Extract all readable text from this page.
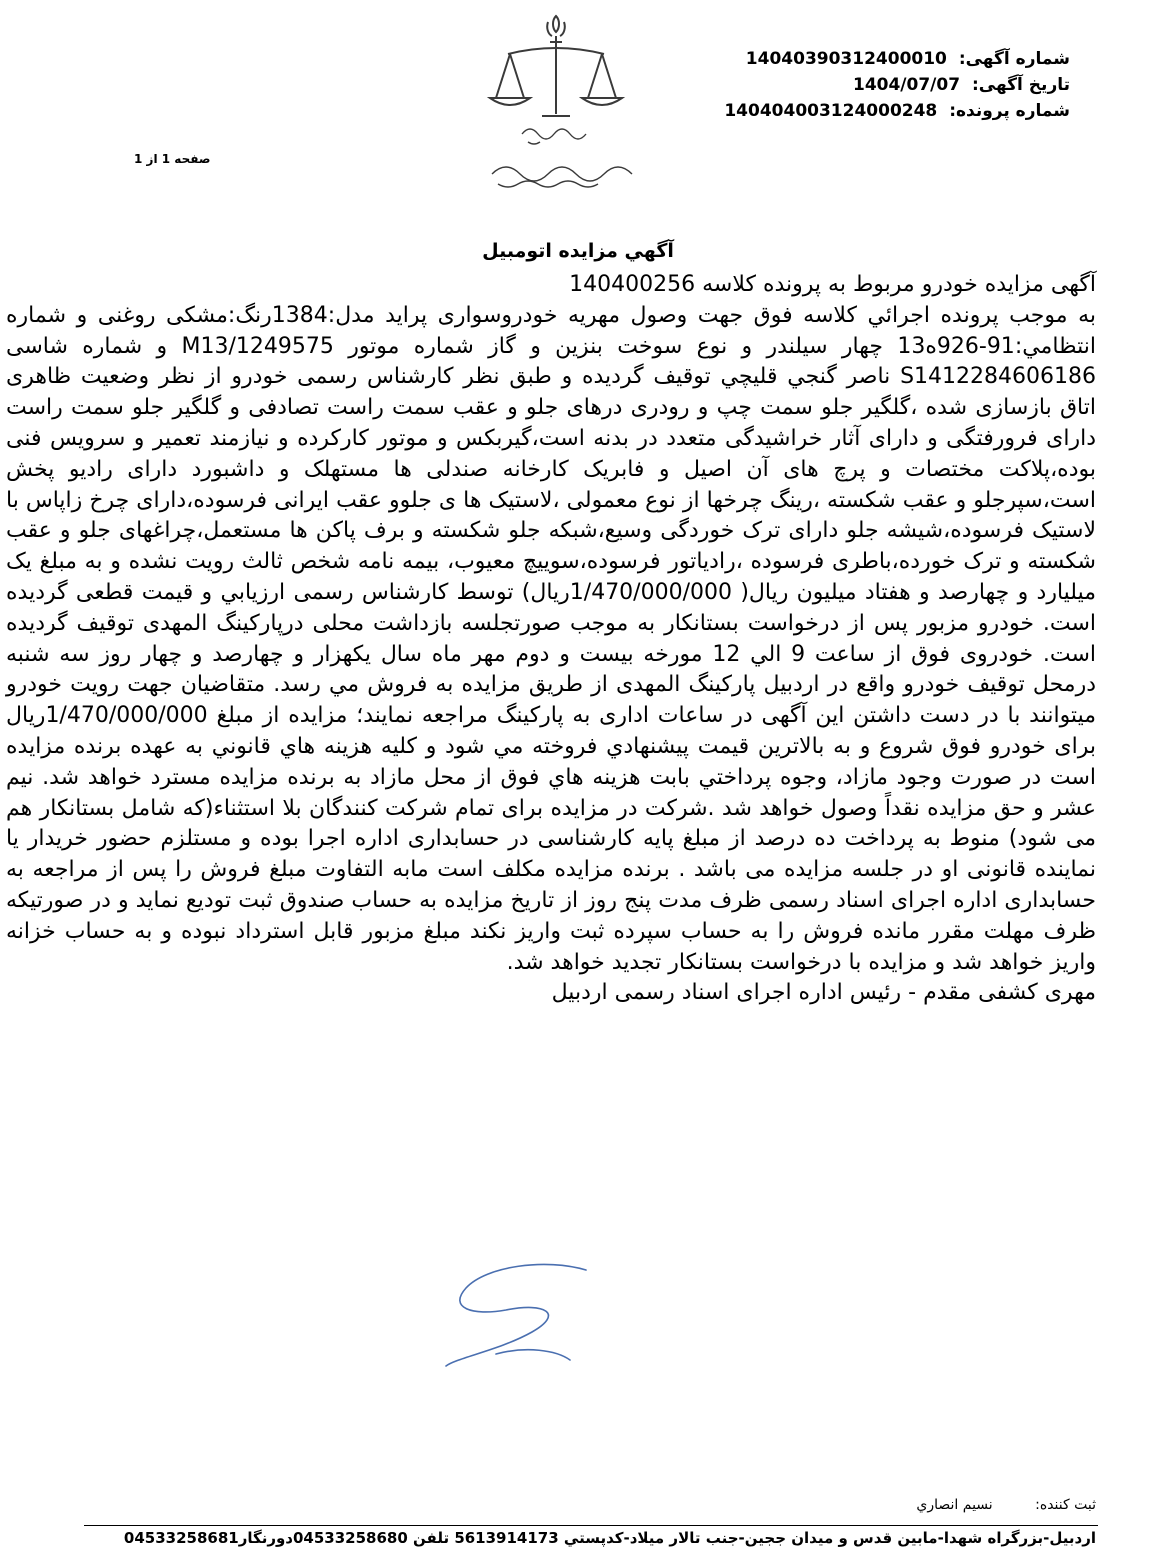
شماره آگهی: 14040390312400010
تاریخ آگهی: 1404/07/07
شماره پرونده: 140404003124000248
صفحه 1 از 1
آگهي مزايده اتومبيل

آگهی مزایده خودرو مربوط به پرونده کلاسه 140400256

به موجب پرونده اجرائي كلاسه فوق جهت وصول مهريه خودروسواری پراید مدل:1384رنگ:مشکی روغنی و شماره انتظامي:91-926ه13 چهار سیلندر و نوع سوخت بنزین و گاز شماره موتور M13/1249575 و شماره شاسی S1412284606186 ناصر گنجي قليچي توقيف گرديده و طبق نظر کارشناس رسمی خودرو از نظر وضعیت ظاهری اتاق بازسازی شده ،گلگیر جلو سمت چپ و رودری درهای جلو و عقب سمت راست تصادفی و گلگیر جلو سمت راست دارای فرورفتگی و دارای آثار خراشیدگی متعدد در بدنه است،گیربکس و موتور کارکرده و نیازمند تعمیر و سرویس فنی بوده،پلاکت مختصات و پرچ های آن اصیل و فابریک کارخانه صندلی ها مستهلک و داشبورد دارای رادیو پخش است،سپرجلو و عقب شکسته ،رینگ چرخها از نوع معمولی ،لاستیک ها ی جلوو عقب ایرانی فرسوده،دارای چرخ زاپاس با لاستیک فرسوده،شیشه جلو دارای ترک خوردگی وسیع،شبکه جلو شکسته و برف پاکن ها مستعمل،چراغهای جلو و عقب شکسته و ترک خورده،باطری فرسوده ،رادیاتور فرسوده،سوییچ معیوب، بیمه نامه شخص ثالث رویت نشده و به مبلغ یک میلیارد و چهارصد و هفتاد میلیون ریال( 1/470/000/000ریال) توسط کارشناس رسمی ارزيابي و قیمت قطعی گردیده است. خودرو مزبور پس از درخواست بستانکار به موجب صورتجلسه بازداشت محلی درپارکینگ المهدی توقیف گردیده است. خودروی فوق از ساعت 9 الي 12 مورخه بیست و دوم مهر ماه سال یکهزار و چهارصد و چهار روز سه شنبه درمحل توقیف خودرو واقع در اردبیل پارکینگ المهدی از طريق مزايده به فروش مي رسد. متقاضيان جهت رويت خودرو ميتوانند با در دست داشتن اين آگهی در ساعات اداری به پارکینگ مراجعه نمایند؛ مزایده از مبلغ 1/470/000/000ریال برای خودرو فوق شروع و به بالاترين قيمت پيشنهادي فروخته مي شود و كليه هزينه هاي قانوني به عهده برنده مزايده است در صورت وجود مازاد، وجوه پرداختي بابت هزينه هاي فوق از محل مازاد به برنده مزايده مسترد خواهد شد. نیم عشر و حق مزایده نقداً وصول خواهد شد .شرکت در مزایده برای تمام شرکت کنندگان بلا استثناء(که شامل بستانکار هم می شود) منوط به پرداخت ده درصد از مبلغ پایه کارشناسی در حسابداری اداره اجرا بوده و مستلزم حضور خریدار یا نماینده قانونی او در جلسه مزایده می باشد . برنده مزایده مکلف است مابه التفاوت مبلغ فروش را پس از مراجعه به حسابداری اداره اجرای اسناد رسمی ظرف مدت پنج روز از تاریخ مزایده به حساب صندوق ثبت تودیع نماید و در صورتیکه ظرف مهلت مقرر مانده فروش را به حساب سپرده ثبت واریز نکند مبلغ مزبور قابل استرداد نبوده و به حساب خزانه واریز خواهد شد و مزایده با درخواست بستانکار تجدید خواهد شد.

مهری کشفی مقدم - رئیس اداره اجرای اسناد رسمی اردبیل

ثبت کننده: نسيم انصاري
اردبیل-بزرگراه شهدا-مابین قدس و میدان ججین-جنب تالار میلاد-کدپستي 5613914173 تلفن 04533258680دورنگار04533258681
